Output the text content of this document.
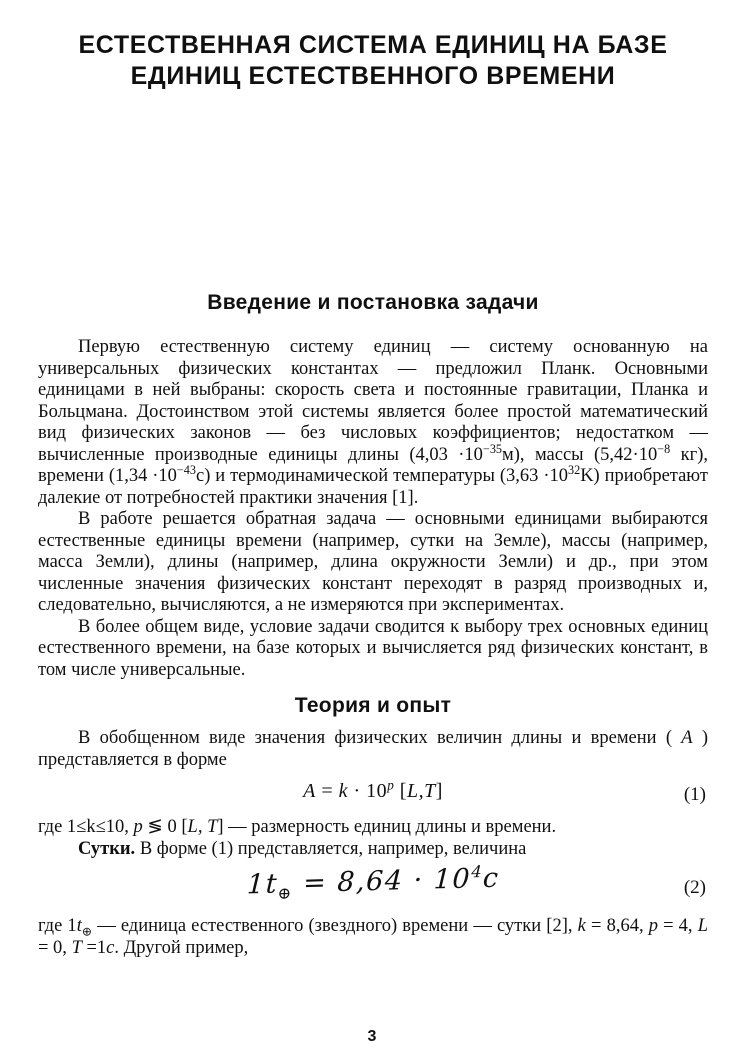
ЕСТЕСТВЕННАЯ СИСТЕМА ЕДИНИЦ НА БАЗЕ
ЕДИНИЦ ЕСТЕСТВЕННОГО ВРЕМЕНИ
Введение и постановка задачи

Первую естественную систему единиц — систему основанную на универсальных физических константах — предложил Планк. Основными единицами в ней выбраны: скорость света и постоянные гравитации, Планка и Больцмана. Достоинством этой системы является более простой математический вид физических законов — без числовых коэффициентов; недостатком — вычисленные производные единицы длины $(4,03 \cdot 10^{-35}м)$, массы ($5,42\cdot 10^{-8}$ кг), времени $(1,34 \cdot 10^{-43}с)$ и термодинамической температуры $(3,63 \cdot 10^{32}K)$ приобретают далекие от потребностей практики значения [1].

В работе решается обратная задача — основными единицами выбираются естественные единицы времени (например, сутки на Земле), массы (например, масса Земли), длины (например, длина окружности Земли) и др., при этом численные значения физических констант переходят в разряд производных и, следовательно, вычисляются, а не измеряются при экспериментах.

В более общем виде, условие задачи сводится к выбору трех основных единиц естественного времени, на базе которых и вычисляется ряд физических констант, в том числе универсальные.

Теория и опыт

В обобщенном виде значения физических величин длины и времени ( A ) представляется в форме

$A = k \cdot 10^p$ [L,T]	(1)

где 1≤k≤10, p ≶ 0 [L, T] — размерность единиц длины и времени.

Сутки. В форме (1) представляется, например, величина

$1t_\oplus = 8,64 \cdot 10^4с$	(2)

где $1t_\oplus$ — единица естественного (звездного) времени — сутки [2], k = 8,64, p = 4, L = 0, T =1c. Другой пример,

3
